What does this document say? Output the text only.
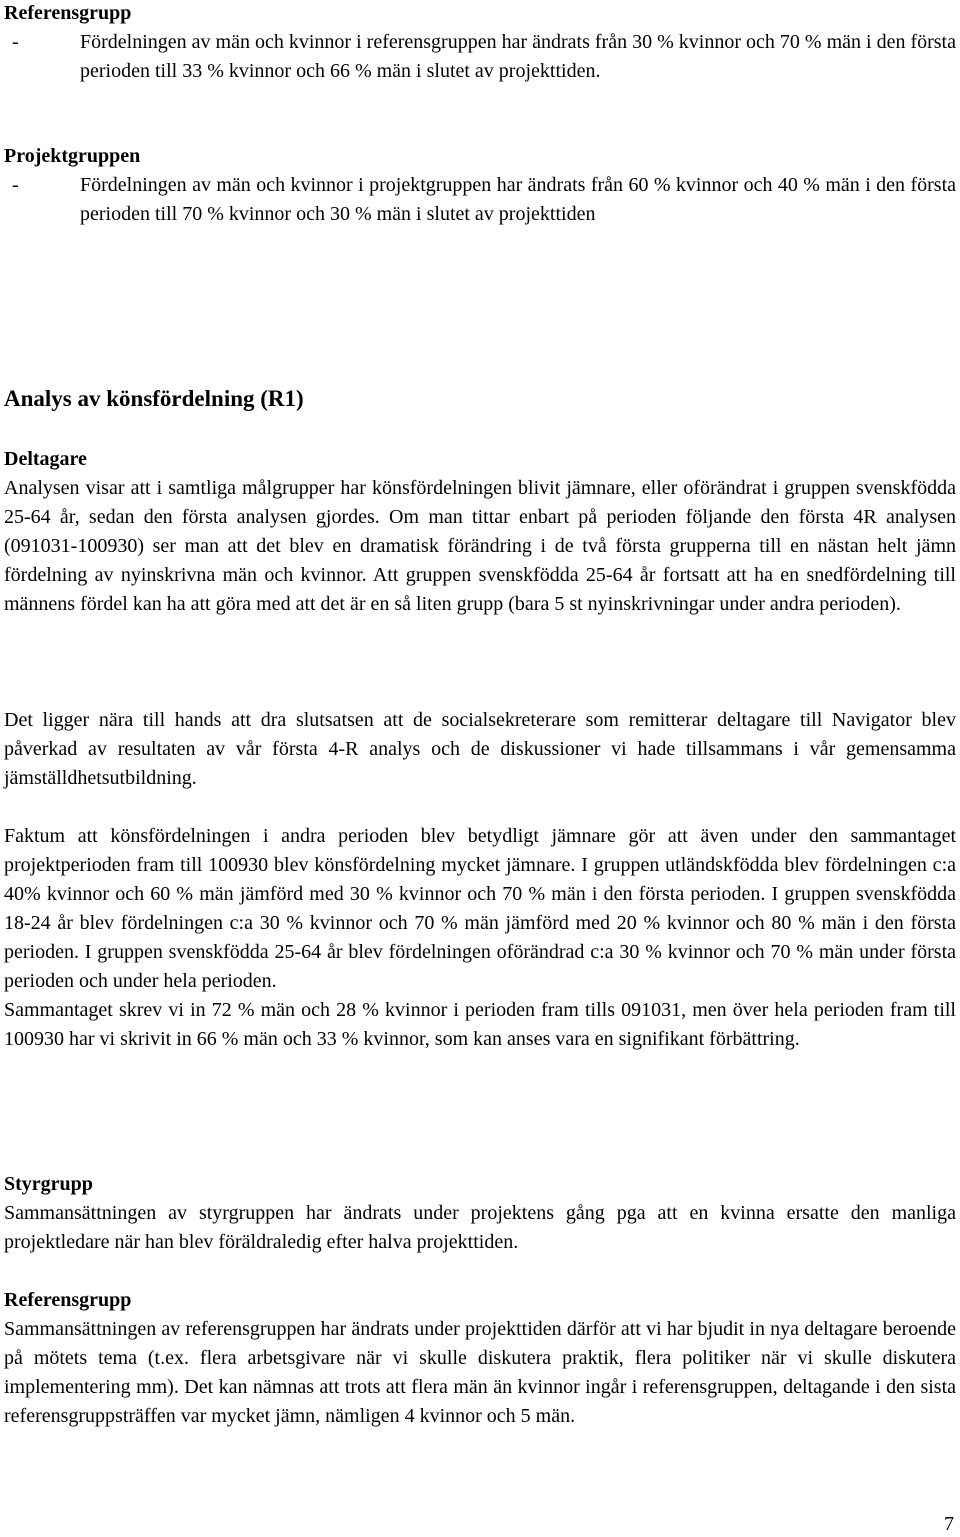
Referensgrupp
-	Fördelningen av män och kvinnor i referensgruppen har ändrats från 30 % kvinnor och 70 % män i den första perioden till 33 % kvinnor och 66 % män i slutet av projekttiden.
Projektgruppen
-	Fördelningen av män och kvinnor i projektgruppen har ändrats från 60 % kvinnor och 40 % män i den första perioden till 70 % kvinnor och 30 % män i slutet av projekttiden
Analys av könsfördelning (R1)
Deltagare

Analysen visar att i samtliga målgrupper har könsfördelningen blivit jämnare, eller oförändrat i gruppen svenskfödda 25-64 år, sedan den första analysen gjordes. Om man tittar enbart på perioden följande den första 4R analysen (091031-100930) ser man att det blev en dramatisk förändring i de två första grupperna till en nästan helt jämn fördelning av nyinskrivna män och kvinnor. Att gruppen svenskfödda 25-64 år fortsatt att ha en snedfördelning till männens fördel kan ha att göra med att det är en så liten grupp (bara 5 st nyinskrivningar under andra perioden).

Det ligger nära till hands att dra slutsatsen att de socialsekreterare som remitterar deltagare till Navigator blev påverkad av resultaten av vår första 4-R analys och de diskussioner vi hade tillsammans i vår gemensamma jämställdhetsutbildning.

Faktum att könsfördelningen i andra perioden blev betydligt jämnare gör att även under den sammantaget projektperioden fram till 100930 blev könsfördelning mycket jämnare. I gruppen utländskfödda blev fördelningen c:a 40% kvinnor och 60 % män jämförd med 30 % kvinnor och 70 % män i den första perioden. I gruppen svenskfödda 18-24 år blev fördelningen c:a 30 % kvinnor och 70 % män jämförd med 20 % kvinnor och 80 % män i den första perioden. I gruppen svenskfödda 25-64 år blev fördelningen oförändrad c:a 30 % kvinnor och 70 % män under första perioden och under hela perioden.

Sammantaget skrev vi in 72 % män och 28 % kvinnor i perioden fram tills 091031, men över hela perioden fram till 100930 har vi skrivit in 66 % män och 33 % kvinnor, som kan anses vara en signifikant förbättring.

Styrgrupp

Sammansättningen av styrgruppen har ändrats under projektens gång pga att en kvinna ersatte den manliga projektledare när han blev föräldraledig efter halva projekttiden.

Referensgrupp

Sammansättningen av referensgruppen har ändrats under projekttiden därför att vi har bjudit in nya deltagare beroende på mötets tema (t.ex. flera arbetsgivare när vi skulle diskutera praktik, flera politiker när vi skulle diskutera implementering mm). Det kan nämnas att trots att flera män än kvinnor ingår i referensgruppen, deltagande i den sista referensgruppsträffen var mycket jämn, nämligen 4 kvinnor och 5 män.

7
